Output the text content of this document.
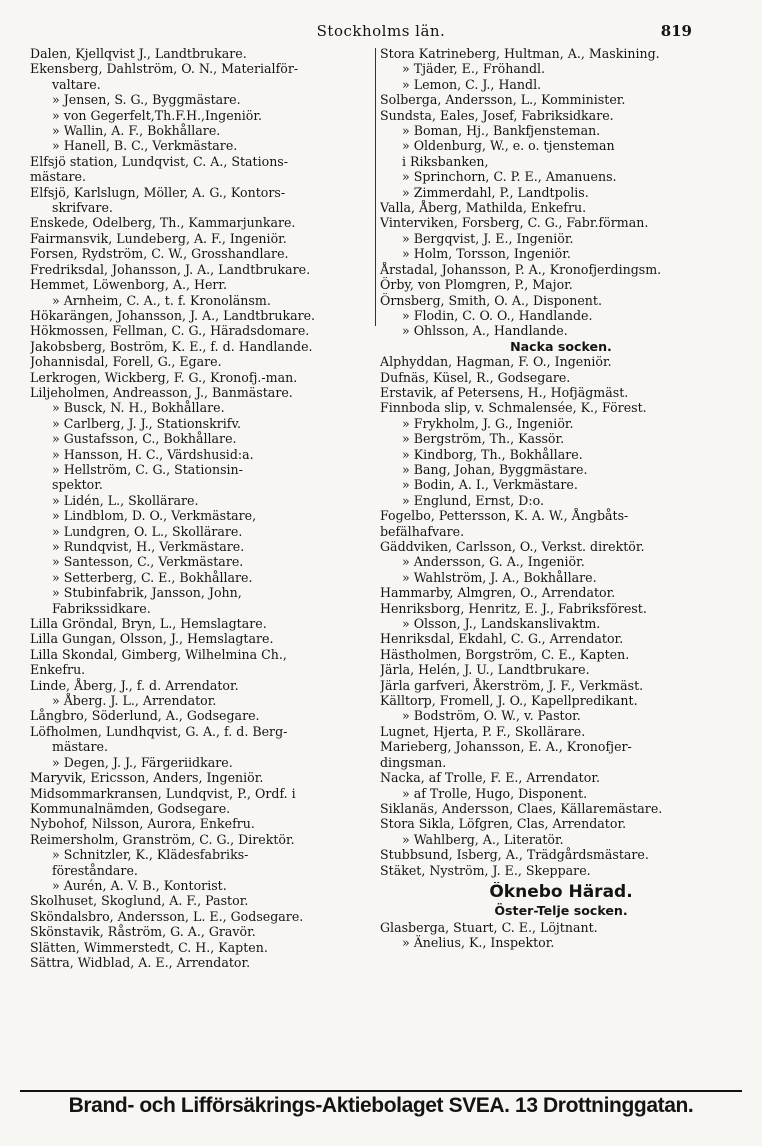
Stockholms län.	819
Dalen, Kjellqvist J., Landtbrukare.
Ekensberg, Dahlström, O. N., Materialför-
valtare.
» Jensen, S. G., Byggmästare.
» von Gegerfelt,Th.F.H.,Ingeniör.
» Wallin, A. F., Bokhållare.
» Hanell, B. C., Verkmästare.
Elfsjö station, Lundqvist, C. A., Stations-
mästare.
Elfsjö, Karlslugn, Möller, A. G., Kontors-
skrifvare.
Enskede, Odelberg, Th., Kammarjunkare.
Fairmansvik, Lundeberg, A. F., Ingeniör.
Forsen, Rydström, C. W., Grosshandlare.
Fredriksdal, Johansson, J. A., Landtbrukare.
Hemmet, Löwenborg, A., Herr.
» Arnheim, C. A., t. f. Kronolänsm.
Hökarängen, Johansson, J. A., Landtbrukare.
Hökmossen, Fellman, C. G., Häradsdomare.
Jakobsberg, Boström, K. E., f. d. Handlande.
Johannisdal, Forell, G., Egare.
Lerkrogen, Wickberg, F. G., Kronofj.-man.
Liljeholmen, Andreasson, J., Banmästare.
» Busck, N. H., Bokhållare.
» Carlberg, J. J., Stationskrifv.
» Gustafsson, C., Bokhållare.
» Hansson, H. C., Värdshusid:a.
» Hellström, C. G., Stationsin-
spektor.
» Lidén, L., Skollärare.
» Lindblom, D. O., Verkmästare,
» Lundgren, O. L., Skollärare.
» Rundqvist, H., Verkmästare.
» Santesson, C., Verkmästare.
» Setterberg, C. E., Bokhållare.
» Stubinfabrik, Jansson, John,
Fabrikssidkare.
Lilla Gröndal, Bryn, L., Hemslagtare.
Lilla Gungan, Olsson, J., Hemslagtare.
Lilla Skondal, Gimberg, Wilhelmina Ch.,
Enkefru.
Linde, Åberg, J., f. d. Arrendator.
» Åberg. J. L., Arrendator.
Långbro, Söderlund, A., Godsegare.
Löfholmen, Lundhqvist, G. A., f. d. Berg-
mästare.
» Degen, J. J., Färgeriidkare.
Maryvik, Ericsson, Anders, Ingeniör.
Midsommarkransen, Lundqvist, P., Ordf. i
Kommunalnämden, Godsegare.
Nybohof, Nilsson, Aurora, Enkefru.
Reimersholm, Granström, C. G., Direktör.
» Schnitzler, K., Klädesfabriks-
föreståndare.
» Aurén, A. V. B., Kontorist.
Skolhuset, Skoglund, A. F., Pastor.
Sköndalsbro, Andersson, L. E., Godsegare.
Skönstavik, Råström, G. A., Gravör.
Slätten, Wimmerstedt, C. H., Kapten.
Sättra, Widblad, A. E., Arrendator.
Stora Katrineberg, Hultman, A., Maskining.
» Tjäder, E., Fröhandl.
» Lemon, C. J., Handl.
Solberga, Andersson, L., Komminister.
Sundsta, Eales, Josef, Fabriksidkare.
» Boman, Hj., Bankfjensteman.
» Oldenburg, W., e. o. tjensteman
i Riksbanken,
» Sprinchorn, C. P. E., Amanuens.
» Zimmerdahl, P., Landtpolis.
Valla, Åberg, Mathilda, Enkefru.
Vinterviken, Forsberg, C. G., Fabr.förman.
» Bergqvist, J. E., Ingeniör.
» Holm, Torsson, Ingeniör.
Årstadal, Johansson, P. A., Kronofjerdingsm.
Örby, von Plomgren, P., Major.
Örnsberg, Smith, O. A., Disponent.
» Flodin, C. O. O., Handlande.
» Ohlsson, A., Handlande.
Nacka socken.
Alphyddan, Hagman, F. O., Ingeniör.
Dufnäs, Küsel, R., Godsegare.
Erstavik, af Petersens, H., Hofjägmäst.
Finnboda slip, v. Schmalensée, K., Förest.
» Frykholm, J. G., Ingeniör.
» Bergström, Th., Kassör.
» Kindborg, Th., Bokhållare.
» Bang, Johan, Byggmästare.
» Bodin, A. I., Verkmästare.
» Englund, Ernst, D:o.
Fogelbo, Pettersson, K. A. W., Ångbåts-
befälhafvare.
Gäddviken, Carlsson, O., Verkst. direktör.
» Andersson, G. A., Ingeniör.
» Wahlström, J. A., Bokhållare.
Hammarby, Almgren, O., Arrendator.
Henriksborg, Henritz, E. J., Fabriksförest.
» Olsson, J., Landskanslivaktm.
Henriksdal, Ekdahl, C. G., Arrendator.
Hästholmen, Borgström, C. E., Kapten.
Järla, Helén, J. U., Landtbrukare.
Järla garfveri, Åkerström, J. F., Verkmäst.
Källtorp, Fromell, J. O., Kapellpredikant.
» Bodström, O. W., v. Pastor.
Lugnet, Hjerta, P. F., Skollärare.
Marieberg, Johansson, E. A., Kronofjer-
dingsman.
Nacka, af Trolle, F. E., Arrendator.
» af Trolle, Hugo, Disponent.
Siklanäs, Andersson, Claes, Källaremästare.
Stora Sikla, Löfgren, Clas, Arrendator.
» Wahlberg, A., Literatör.
Stubbsund, Isberg, A., Trädgårdsmästare.
Stäket, Nyström, J. E., Skeppare.
Öknebo Härad.
Öster-Telje socken.
Glasberga, Stuart, C. E., Löjtnant.
» Änelius, K., Inspektor.
Brand- och Lifförsäkrings-Aktiebolaget SVEA. 13 Drottninggatan.
